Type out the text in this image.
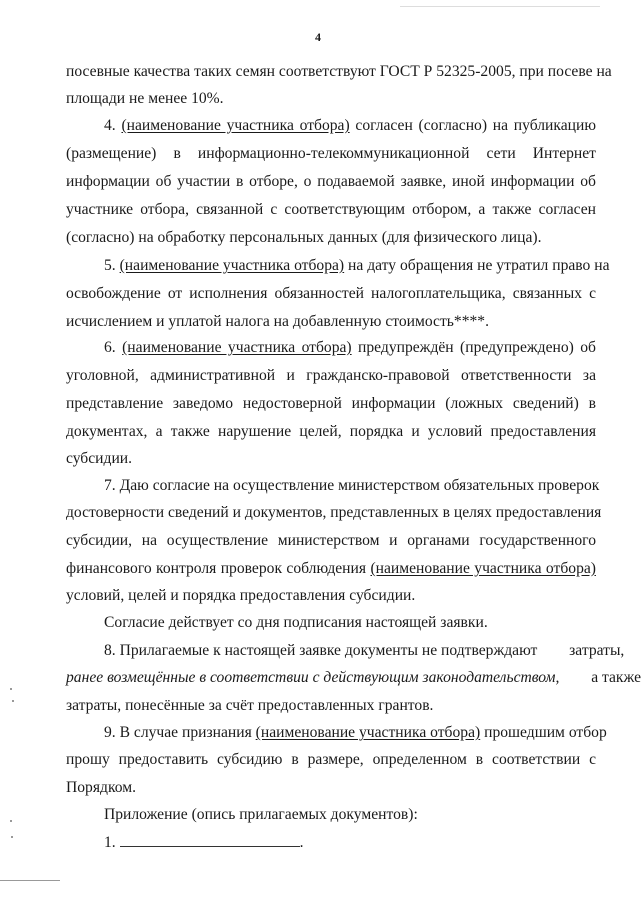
4
посевные качества таких семян соответствуют ГОСТ Р 52325-2005, при посеве на
площади не менее 10%.
4. (наименование участника отбора) согласен (согласно) на публикацию
(размещение) в информационно-телекоммуникационной сети Интернет
информации об участии в отборе, о подаваемой заявке, иной информации об
участнике отбора, связанной с соответствующим отбором, а также согласен
(согласно) на обработку персональных данных (для физического лица).
5. (наименование участника отбора) на дату обращения не утратил право на
освобождение от исполнения обязанностей налогоплательщика, связанных с
исчислением и уплатой налога на добавленную стоимость****.
6. (наименование участника отбора) предупреждён (предупреждено) об
уголовной, административной и гражданско-правовой ответственности за
представление заведомо недостоверной информации (ложных сведений) в
документах, а также нарушение целей, порядка и условий предоставления
субсидии.
7. Даю согласие на осуществление министерством обязательных проверок
достоверности сведений и документов, представленных в целях предоставления
субсидии, на осуществление министерством и органами государственного
финансового контроля проверок соблюдения (наименование участника отбора)
условий, целей и порядка предоставления субсидии.
Согласие действует со дня подписания настоящей заявки.
8. Прилагаемые к настоящей заявке документы не подтверждают затраты,
ранее возмещённые в соответствии с действующим законодательством, а также
затраты, понесённые за счёт предоставленных грантов.
9. В случае признания (наименование участника отбора) прошедшим отбор
прошу предоставить субсидию в размере, определенном в соответствии с
Порядком.
Приложение (опись прилагаемых документов):
1.	.
